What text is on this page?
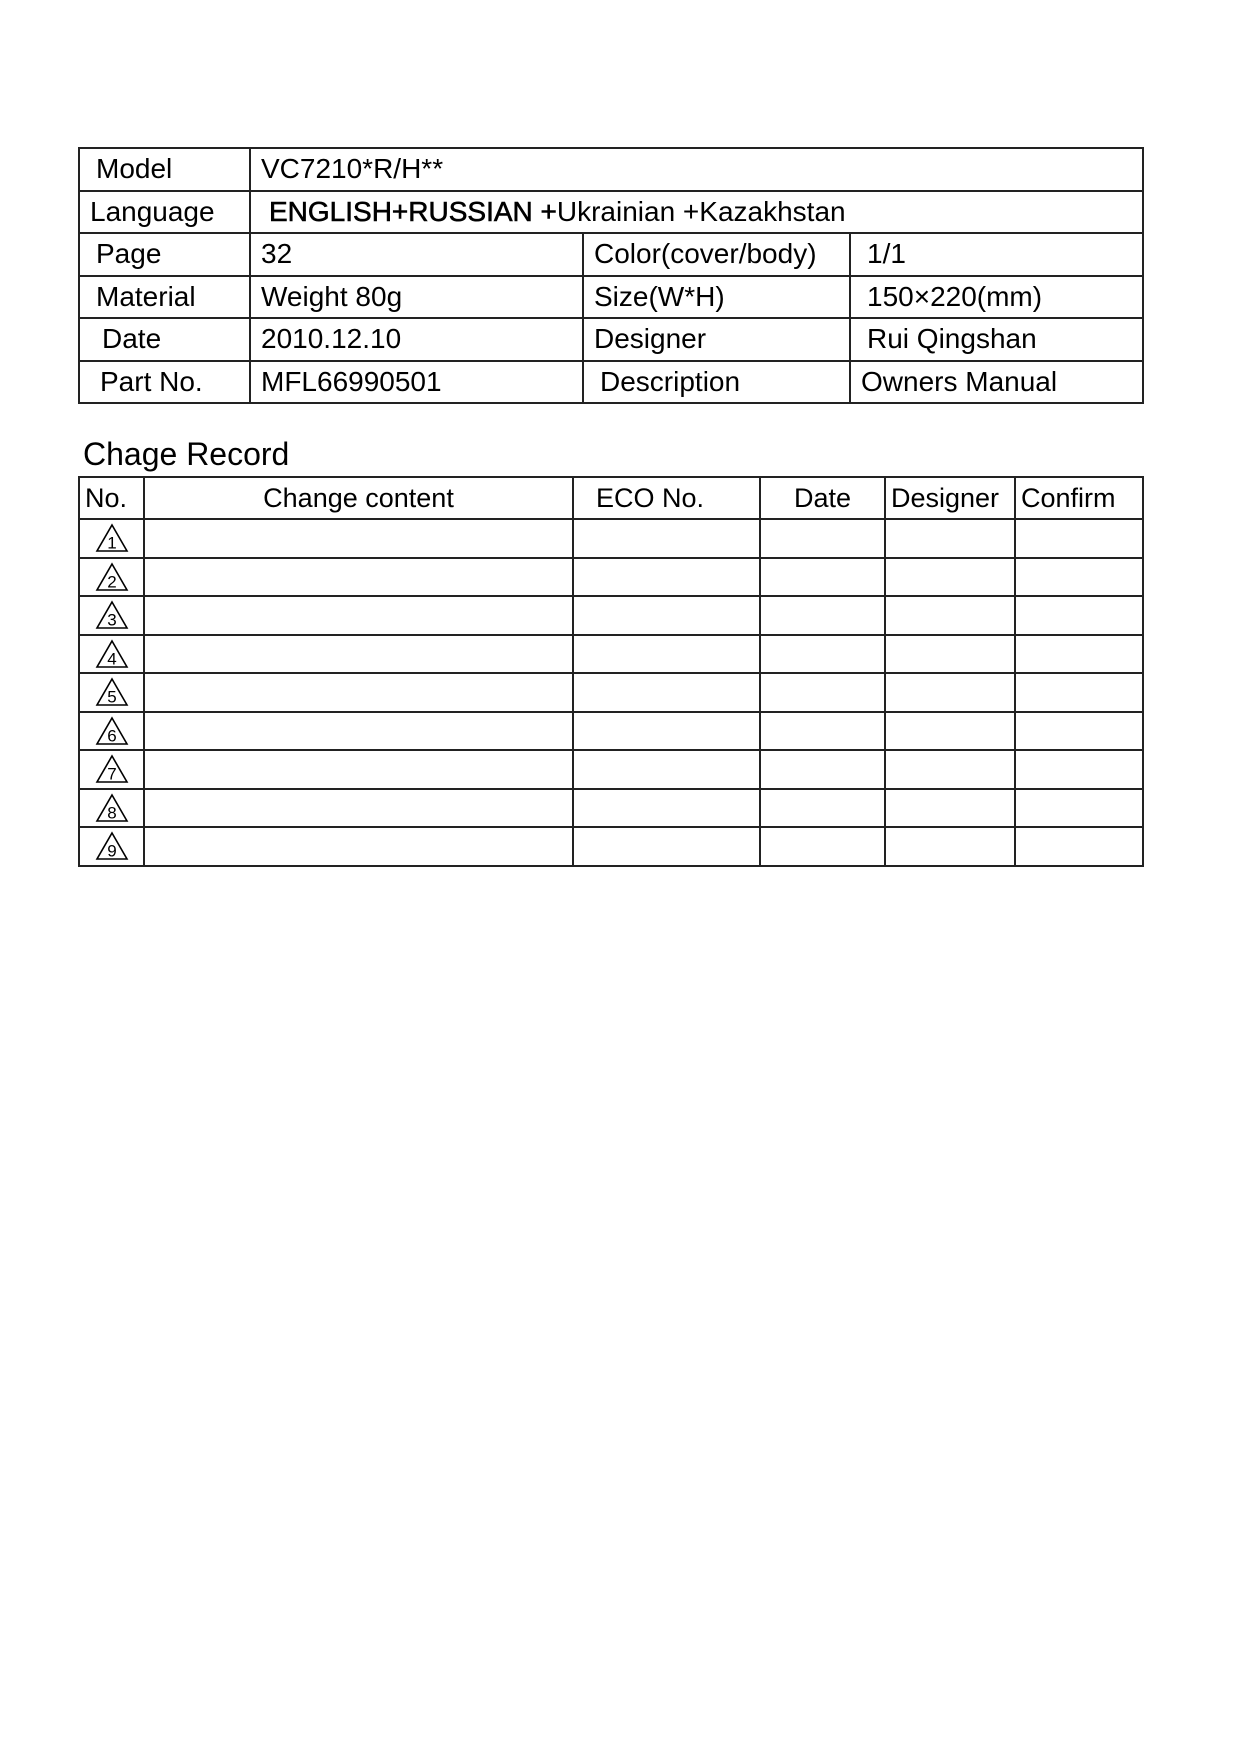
Model	VC7210*R/H**		
Language	ENGLISH+RUSSIAN +Ukrainian +Kazakhstan		
Page	32	Color(cover/body)	1/1
Material	Weight 80g	Size(W*H)	150×220(mm)
Date	2010.12.10	Designer	Rui Qingshan
Part No.	MFL66990501	Description	Owners Manual
Chage Record
No.	Change content	ECO No.	Date	Designer	Confirm

1					

2					

3					

4					

5					

6					

7					

8					

9					
